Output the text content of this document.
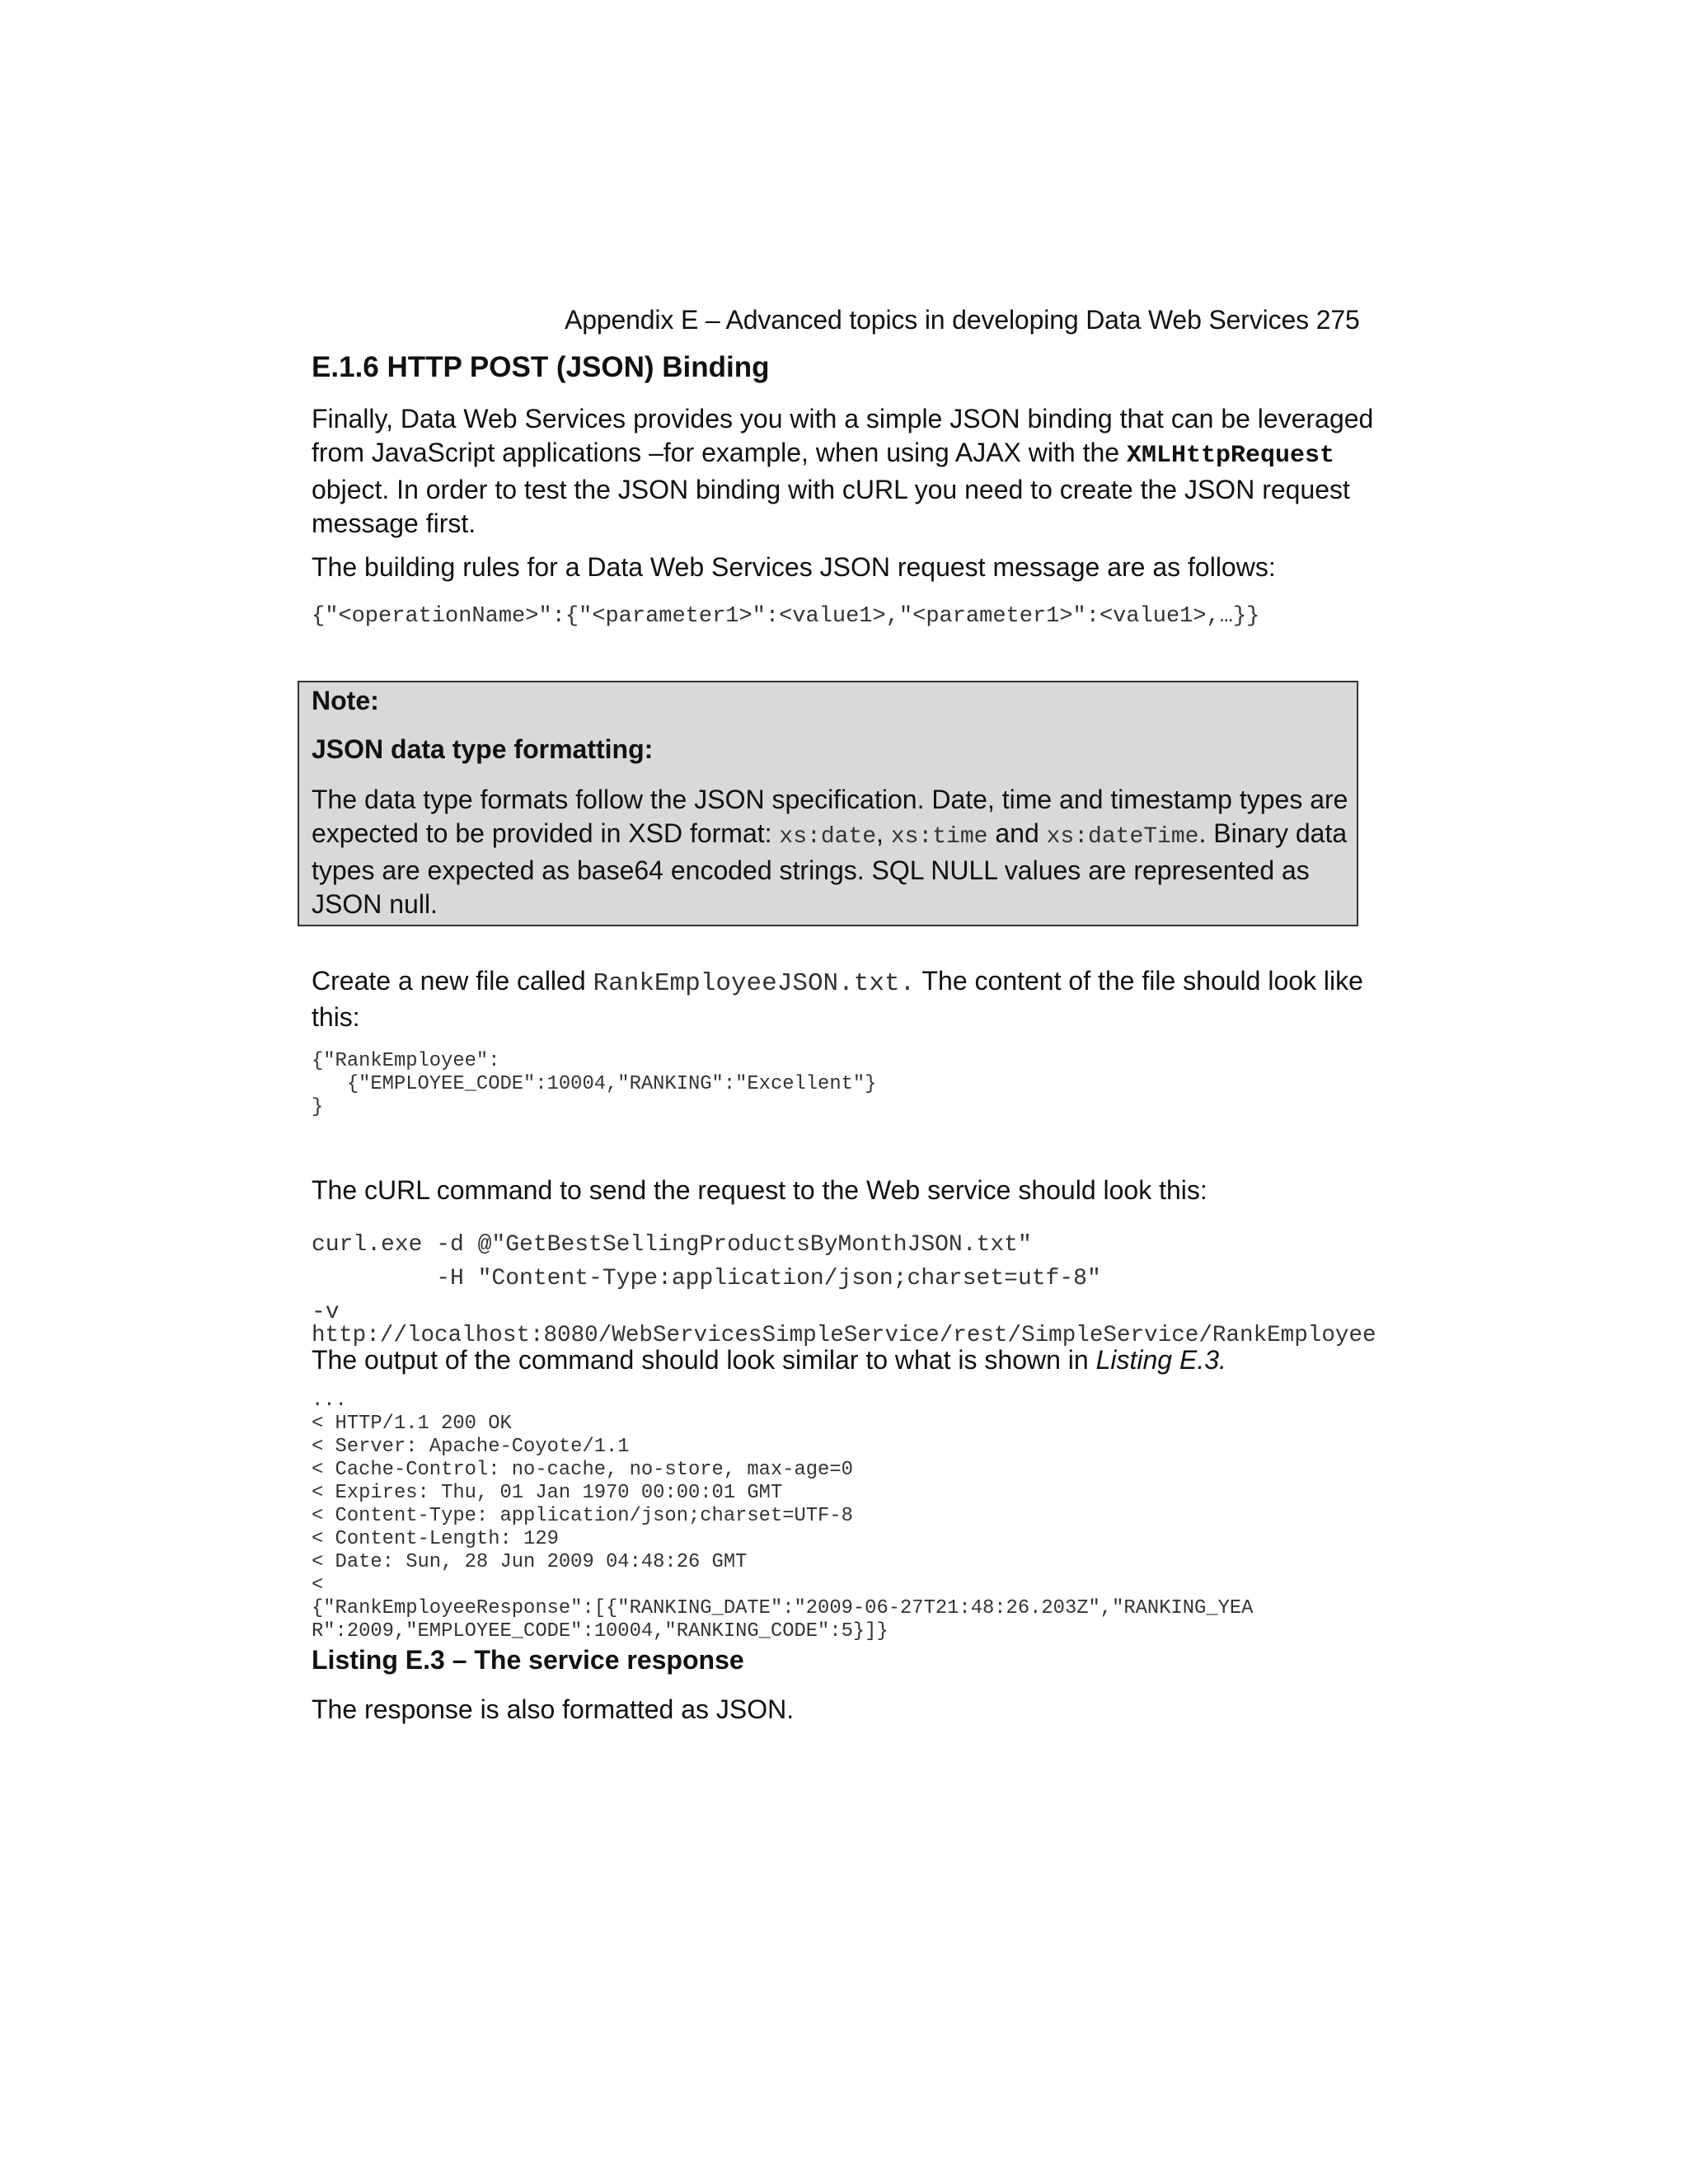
Appendix E – Advanced topics in developing Data Web Services 275
E.1.6 HTTP POST (JSON) Binding
Finally, Data Web Services provides you with a simple JSON binding that can be leveraged from JavaScript applications –for example, when using AJAX with the XMLHttpRequest object. In order to test the JSON binding with cURL you need to create the JSON request message first.
The building rules for a Data Web Services JSON request message are as follows:
{"<operationName>":{"<parameter1>":<value1>,"<parameter1>":<value1>,…}}
Note:
JSON data type formatting:
The data type formats follow the JSON specification. Date, time and timestamp types are expected to be provided in XSD format: xs:date, xs:time and xs:dateTime. Binary data types are expected as base64 encoded strings. SQL NULL values are represented as JSON null.
Create a new file called RankEmployeeJSON.txt. The content of the file should look like this:
{"RankEmployee":
{"EMPLOYEE_CODE":10004,"RANKING":"Excellent"}
}
The cURL command to send the request to the Web service should look this:
curl.exe -d @"GetBestSellingProductsByMonthJSON.txt"
-H "Content-Type:application/json;charset=utf-8"
-v
http://localhost:8080/WebServicesSimpleService/rest/SimpleService/RankEmployee
The output of the command should look similar to what is shown in Listing E.3.
...
< HTTP/1.1 200 OK
< Server: Apache-Coyote/1.1
< Cache-Control: no-cache, no-store, max-age=0
< Expires: Thu, 01 Jan 1970 00:00:01 GMT
< Content-Type: application/json;charset=UTF-8
< Content-Length: 129
< Date: Sun, 28 Jun 2009 04:48:26 GMT
<
{"RankEmployeeResponse":[{"RANKING_DATE":"2009-06-27T21:48:26.203Z","RANKING_YEA
R":2009,"EMPLOYEE_CODE":10004,"RANKING_CODE":5}]}
Listing E.3 – The service response
The response is also formatted as JSON.
